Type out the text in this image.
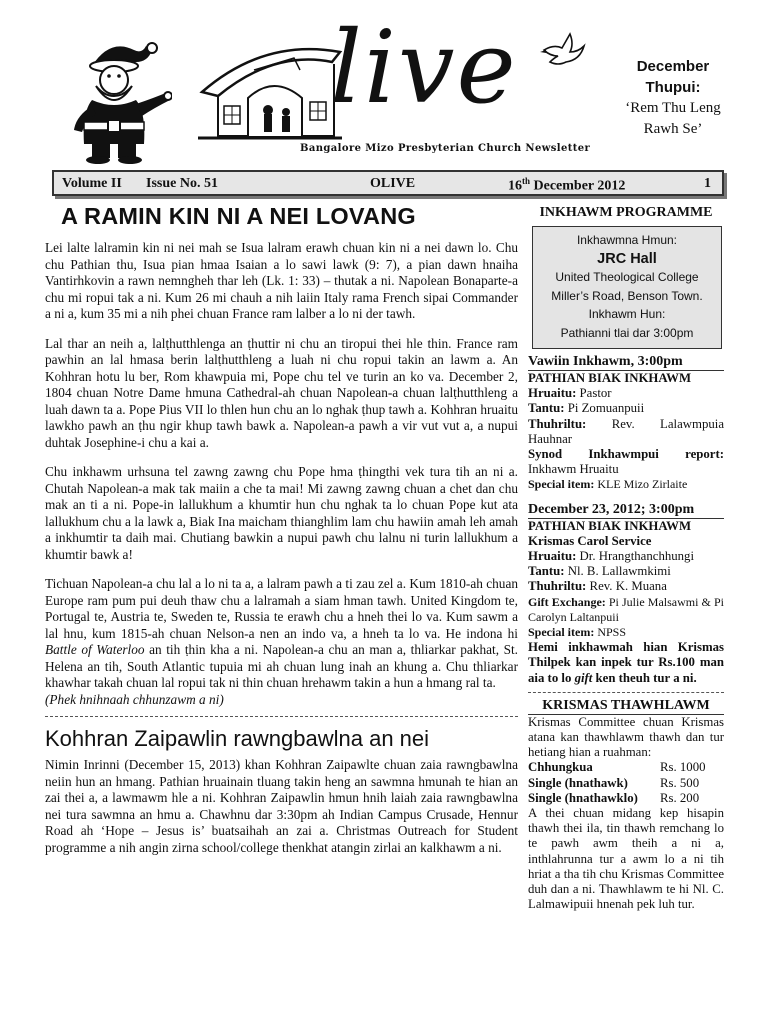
live
Bangalore Mizo Presbyterian Church Newsletter
December
Thupui:
‘Rem Thu Leng
Rawh Se’
Volume II Issue No. 51	OLIVE	16th December 2012	1
A RAMIN KIN NI A NEI LOVANG

Lei lalte lalramin kin ni nei mah se Isua lalram erawh chuan kin ni a nei dawn lo. Chu chu Pathian thu, Isua pian hmaa Isaian a lo sawi lawk (9: 7), a pian dawn hnaiha Vantirhkovin a rawn nemngheh thar leh (Lk. 1: 33) – thutak a ni. Napolean Bonaparte-a chu mi ropui tak a ni. Kum 26 mi chauh a nih laiin Italy rama French sipai Commander a ni a, kum 35 mi a nih phei chuan France ram lalber a lo ni der tawh.

Lal thar an neih a, lalṭhutthlenga an ṭhuttir ni chu an tiropui thei hle thin. France ram pawhin an lal hmasa berin lalṭhutthleng a luah ni chu ropui takin an lawm a. An Kohhran hotu lu ber, Rom khawpuia mi, Pope chu tel ve turin an ko va. December 2, 1804 chuan Notre Dame hmuna Cathedral-ah chuan Napolean-a chuan lalṭhutthleng a luah dawn ta a. Pope Pius VII lo thlen hun chu an lo nghak ṭhup tawh a. Kohhran hruaitu lawkho pawh an ṭhu ngir khup tawh bawk a. Napolean-a pawh a vir vut vut a, a nupui duhtak Josephine-i chu a kai a.

Chu inkhawm urhsuna tel zawng zawng chu Pope hma ṭhingthi vek tura tih an ni a. Chutah Napolean-a mak tak maiin a che ta mai! Mi zawng zawng chuan a chet dan chu mak an ti a ni. Pope-in lallukhum a khumtir hun chu nghak ta lo chuan Pope kut ata lallukhum chu a la lawk a, Biak Ina maicham thianghlim lam chu hawiin amah leh amah a inkhumtir ta daih mai. Chutiang bawkin a nupui pawh chu lalnu ni turin lallukhum a khumtir bawk a!

Tichuan Napolean-a chu lal a lo ni ta a, a lalram pawh a ti zau zel a. Kum 1810-ah chuan Europe ram pum pui deuh thaw chu a lalramah a siam hman tawh. United Kingdom te, Portugal te, Austria te, Sweden te, Russia te erawh chu a hneh thei lo va. Kum sawm a lal hnu, kum 1815-ah chuan Nelson-a nen an indo va, a hneh ta lo va. He indona hi Battle of Waterloo an tih ṭhin kha a ni. Napolean-a chu an man a, thliarkar pakhat, St. Helena an tih, South Atlantic tupuia mi ah chuan lung inah an khung a. Chu thliarkar khawhar takah chuan lal ropui tak ni thin chuan hrehawm takin a hun a hmang ral ta.

(Phek hnihnaah chhunzawm a ni)
Kohhran Zaipawlin rawngbawlna an nei

Nimin Inrinni (December 15, 2013) khan Kohhran Zaipawlte chuan zaia rawngbawlna neiin hun an hmang. Pathian hruainain tluang takin heng an sawmna hmunah te hian an zai thei a, a lawmawm hle a ni. Kohhran Zaipawlin hmun hnih laiah zaia rawngbawlna nei tura sawmna an hmu a. Chawhnu dar 3:30pm ah Indian Campus Crusade, Hennur Road ah ‘Hope – Jesus is’ buatsaihah an zai a. Christmas Outreach for Student programme a nih angin zirna school/college thenkhat atangin zirlai an kalkhawm a ni.

INKHAWM PROGRAMME
Inkhawmna Hmun:
JRC Hall
United Theological College
Miller’s Road, Benson Town.
Inkhawm Hun:
Pathianni tlai dar 3:00pm
Vawiin Inkhawm, 3:00pm
PATHIAN BIAK INKHAWM
Hruaitu: Pastor
Tantu: Pi Zomuanpuii
Thuhriltu: Rev. Lalawmpuia Hauhnar
Synod Inkhawmpui report: Inkhawm Hruaitu
Special item: KLE Mizo Zirlaite
December 23, 2012; 3:00pm
PATHIAN BIAK INKHAWM
Krismas Carol Service
Hruaitu: Dr. Hrangthanchhungi
Tantu: Nl. B. Lallawmkimi
Thuhriltu: Rev. K. Muana
Gift Exchange: Pi Julie Malsawmi & Pi Carolyn Laltanpuii
Special item: NPSS
Hemi inkhawmah hian Krismas Thilpek kan inpek tur Rs.100 man aia to lo gift ken theuh tur a ni.
KRISMAS THAWHLAWM
Krismas Committee chuan Krismas atana kan thawhlawm thawh dan tur hetiang hian a ruahman:
Chhungkua	Rs. 1000
Single (hnathawk)	Rs. 500
Single (hnathawklo) Rs. 200
A thei chuan midang kep hisapin thawh thei ila, tin thawh remchang lo te pawh awm theih a ni a, inthlahrunna tur a awm lo a ni tih hriat a tha tih chu Krismas Committee duh dan a ni. Thawhlawm te hi Nl. C. Lalmawipuii hnenah pek luh tur.
